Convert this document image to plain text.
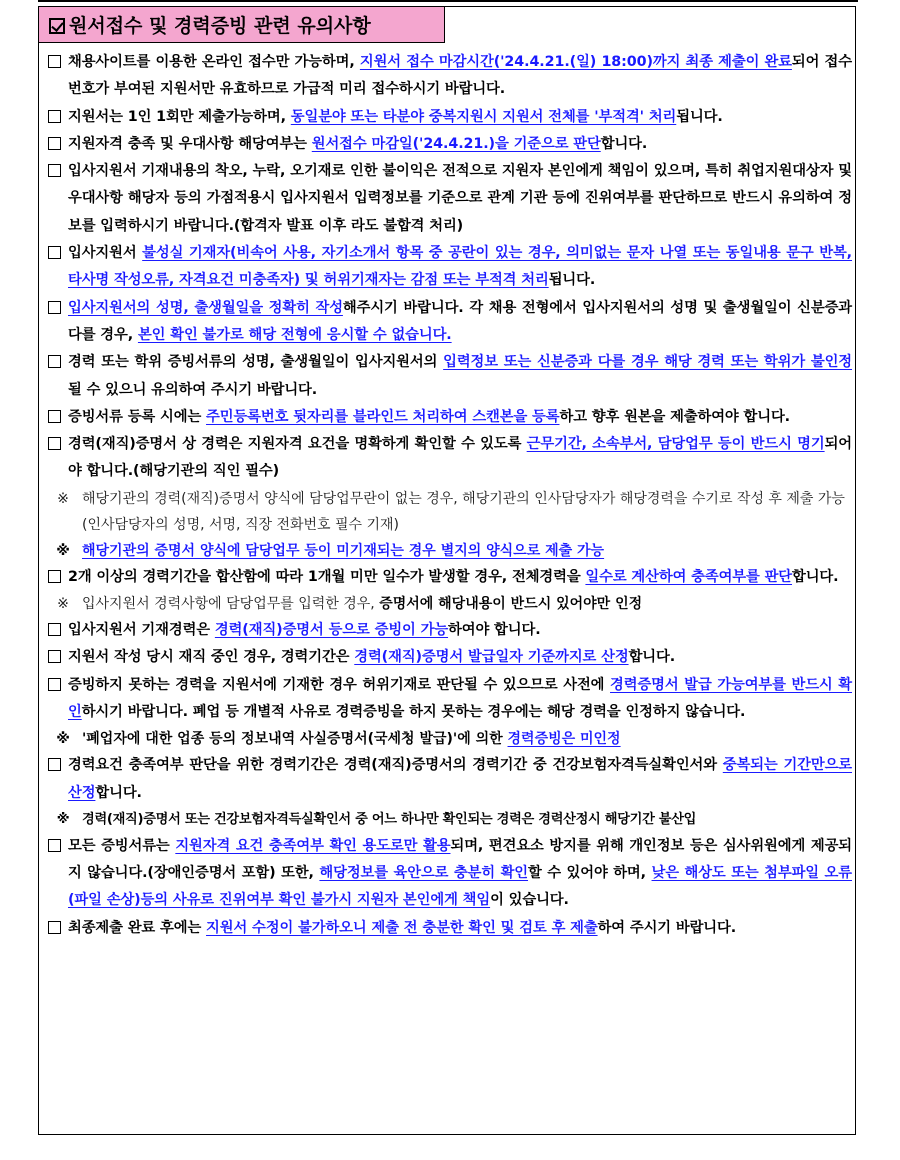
원서접수 및 경력증빙 관련 유의사항
채용사이트를 이용한 온라인 접수만 가능하며, 지원서 접수 마감시간('24.4.21.(일) 18:00)까지 최종 제출이 완료되어 접수번호가 부여된 지원서만 유효하므로 가급적 미리 접수하시기 바랍니다.
지원서는 1인 1회만 제출가능하며, 동일분야 또는 타분야 중복지원시 지원서 전체를 '부적격' 처리됩니다.
지원자격 충족 및 우대사항 해당여부는 원서접수 마감일('24.4.21.)을 기준으로 판단합니다.
입사지원서 기재내용의 착오, 누락, 오기재로 인한 불이익은 전적으로 지원자 본인에게 책임이 있으며, 특히 취업지원대상자 및 우대사항 해당자 등의 가점적용시 입사지원서 입력정보를 기준으로 관계 기관 등에 진위여부를 판단하므로 반드시 유의하여 정보를 입력하시기 바랍니다.(합격자 발표 이후 라도 불합격 처리)
입사지원서 불성실 기재자(비속어 사용, 자기소개서 항목 중 공란이 있는 경우, 의미없는 문자 나열 또는 동일내용 문구 반복, 타사명 작성오류, 자격요건 미충족자) 및 허위기재자는 감점 또는 부적격 처리됩니다.
입사지원서의 성명, 출생월일을 정확히 작성해주시기 바랍니다. 각 채용 전형에서 입사지원서의 성명 및 출생월일이 신분증과 다를 경우, 본인 확인 불가로 해당 전형에 응시할 수 없습니다.
경력 또는 학위 증빙서류의 성명, 출생월일이 입사지원서의 입력정보 또는 신분증과 다를 경우 해당 경력 또는 학위가 불인정 될 수 있으니 유의하여 주시기 바랍니다.
증빙서류 등록 시에는 주민등록번호 뒷자리를 블라인드 처리하여 스캔본을 등록하고 향후 원본을 제출하여야 합니다.
경력(재직)증명서 상 경력은 지원자격 요건을 명확하게 확인할 수 있도록 근무기간, 소속부서, 담당업무 등이 반드시 명기되어야 합니다.(해당기관의 직인 필수)
※ 해당기관의 경력(재직)증명서 양식에 담당업무란이 없는 경우, 해당기관의 인사담당자가 해당경력을 수기로 작성 후 제출 가능(인사담당자의 성명, 서명, 직장 전화번호 필수 기재)
※ 해당기관의 증명서 양식에 담당업무 등이 미기재되는 경우 별지의 양식으로 제출 가능
2개 이상의 경력기간을 합산함에 따라 1개월 미만 일수가 발생할 경우, 전체경력을 일수로 계산하여 충족여부를 판단합니다.
※ 입사지원서 경력사항에 담당업무를 입력한 경우, 증명서에 해당내용이 반드시 있어야만 인정
입사지원서 기재경력은 경력(재직)증명서 등으로 증빙이 가능하여야 합니다.
지원서 작성 당시 재직 중인 경우, 경력기간은 경력(재직)증명서 발급일자 기준까지로 산정합니다.
증빙하지 못하는 경력을 지원서에 기재한 경우 허위기재로 판단될 수 있으므로 사전에 경력증명서 발급 가능여부를 반드시 확인하시기 바랍니다. 폐업 등 개별적 사유로 경력증빙을 하지 못하는 경우에는 해당 경력을 인정하지 않습니다.
※ '폐업자에 대한 업종 등의 정보내역 사실증명서(국세청 발급)'에 의한 경력증빙은 미인정
경력요건 충족여부 판단을 위한 경력기간은 경력(재직)증명서의 경력기간 중 건강보험자격득실확인서와 중복되는 기간만으로 산정합니다.
※ 경력(재직)증명서 또는 건강보험자격득실확인서 중 어느 하나만 확인되는 경력은 경력산정시 해당기간 불산입
모든 증빙서류는 지원자격 요건 충족여부 확인 용도로만 활용되며, 편견요소 방지를 위해 개인정보 등은 심사위원에게 제공되지 않습니다.(장애인증명서 포함) 또한, 해당정보를 육안으로 충분히 확인할 수 있어야 하며, 낮은 해상도 또는 첨부파일 오류(파일 손상)등의 사유로 진위여부 확인 불가시 지원자 본인에게 책임이 있습니다.
최종제출 완료 후에는 지원서 수정이 불가하오니 제출 전 충분한 확인 및 검토 후 제출하여 주시기 바랍니다.
